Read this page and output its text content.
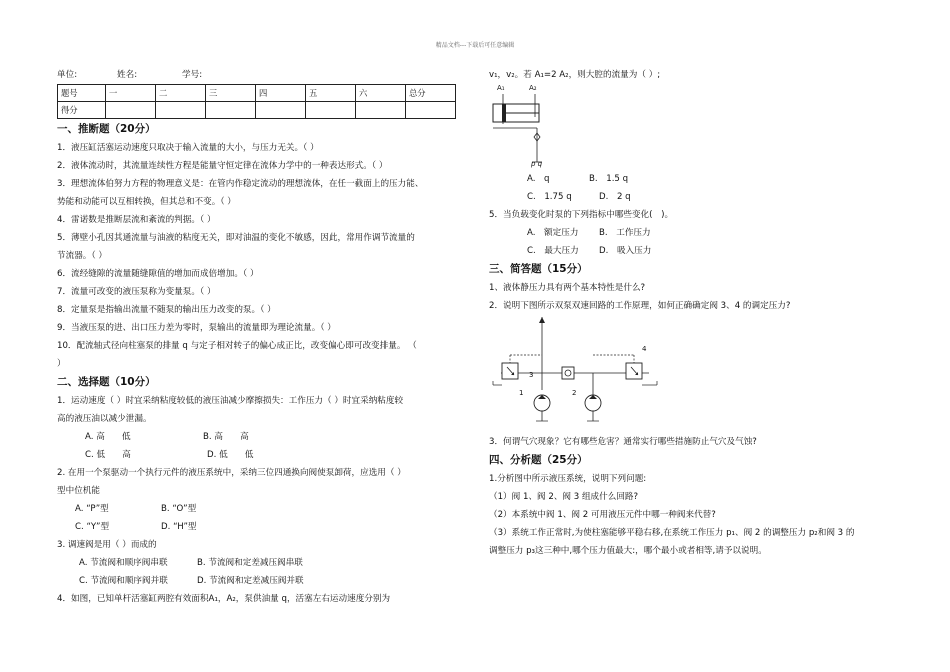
精品文档---下载后可任意编辑
单位:	姓名:	学号:
题号	一	二	三	四	五	六	总分
得分							

一、推断题（20分）

1．液压缸活塞运动速度只取决于输入流量的大小，与压力无关。（ ）

2．液体流动时，其流量连续性方程是能量守恒定律在流体力学中的一种表达形式。（ ）

3．理想流体伯努力方程的物理意义是：在管内作稳定流动的理想流体，在任一截面上的压力能、

势能和动能可以互相转换，但其总和不变。（ ）

4．雷诺数是推断层流和紊流的判据。（ ）

5．薄壁小孔因其通流量与油液的粘度无关，即对油温的变化不敏感，因此，常用作调节流量的

节流器。（ ）

6．流经缝隙的流量随缝隙值的增加而成倍增加。（ ）

7．流量可改变的液压泵称为变量泵。（ ）

8．定量泵是指输出流量不随泵的输出压力改变的泵。（ ）

9．当液压泵的进、出口压力差为零时，泵输出的流量即为理论流量。（ ）

10．配流轴式径向柱塞泵的排量 q 与定子相对转子的偏心成正比，改变偏心即可改变排量。 （

）

二、选择题（10分）

1．运动速度（ ）时宜采纳粘度较低的液压油减少摩擦损失：工作压力（ ）时宜采纳粘度较

高的液压油以减少泄漏。

A. 高　　低	B. 高　　高
C. 低　　高	D. 低　　低

2. 在用一个泵驱动一个执行元件的液压系统中，采纳三位四通换向阀使泵卸荷，应选用（ ）

型中位机能

A. “P”型	B. “O”型
C. “Y”型	D. “H”型

3. 调速阀是用（ ）而成的

A. 节流阀和顺序阀串联	B. 节流阀和定差减压阀串联
C. 节流阀和顺序阀并联	D. 节流阀和定差减压阀并联

4．如图，已知单杆活塞缸两腔有效面积A₁，A₂，泵供油量 q，活塞左右运动速度分别为

v₁，v₂。若 A₁=2 A₂，则大腔的流量为（ ）;

A₁	A₂
p q
A.　q	B.　1.5 q
C.　1.75 q	D.　2 q

5．当负载变化时泵的下列指标中哪些变化(　)。

A.　额定压力	B.　工作压力
C.　最大压力	D.　吸入压力

三、简答题（15分）

1、液体静压力具有两个基本特性是什么?

2．说明下图所示双泵双速回路的工作原理，如何正确确定阀 3、4 的调定压力?

1	2
3
4

3．何谓气穴现象？它有哪些危害？通常实行哪些措施防止气穴及气蚀?

四、分析题（25分）

1.分析图中所示液压系统，说明下列问题:

（1）阀 1、阀 2、阀 3 组成什么回路?

（2）本系统中阀 1、阀 2 可用液压元件中哪一种阀来代替?

（3）系统工作正常时,为使柱塞能够平稳右移,在系统工作压力 p₁、阀 2 的调整压力 p₂和阀 3 的

调整压力 p₃这三种中,哪个压力值最大:，哪个最小或者相等,请予以说明。
